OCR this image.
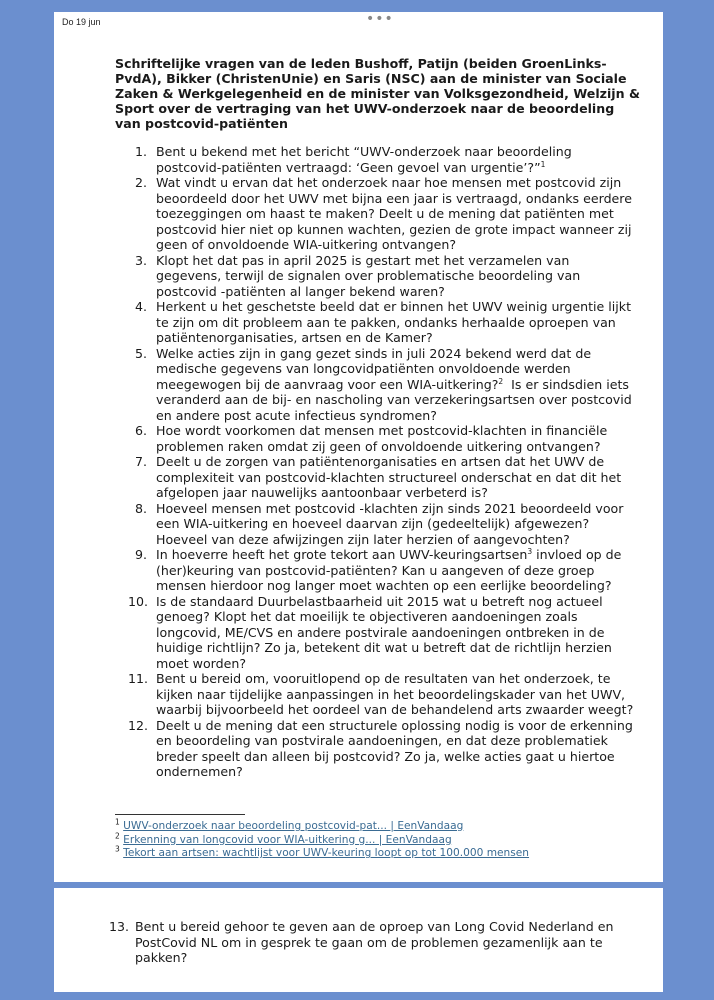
Do 19 jun	•••
Schriftelijke vragen van de leden Bushoff, Patijn (beiden GroenLinks-PvdA), Bikker (ChristenUnie) en Saris (NSC) aan de minister van Sociale Zaken & Werkgelegenheid en de minister van Volksgezondheid, Welzijn & Sport over de vertraging van het UWV-onderzoek naar de beoordeling van postcovid-patiënten
1. Bent u bekend met het bericht “UWV-onderzoek naar beoordeling postcovid-patiënten vertraagd: ‘Geen gevoel van urgentie’?”$^1$
2. Wat vindt u ervan dat het onderzoek naar hoe mensen met postcovid zijn beoordeeld door het UWV met bijna een jaar is vertraagd, ondanks eerdere toezeggingen om haast te maken? Deelt u de mening dat patiënten met postcovid hier niet op kunnen wachten, gezien de grote impact wanneer zij geen of onvoldoende WIA-uitkering ontvangen?
3. Klopt het dat pas in april 2025 is gestart met het verzamelen van gegevens, terwijl de signalen over problematische beoordeling van postcovid -patiënten al langer bekend waren?
4. Herkent u het geschetste beeld dat er binnen het UWV weinig urgentie lijkt te zijn om dit probleem aan te pakken, ondanks herhaalde oproepen van patiëntenorganisaties, artsen en de Kamer?
5. Welke acties zijn in gang gezet sinds in juli 2024 bekend werd dat de medische gegevens van longcovidpatiënten onvoldoende werden meegewogen bij de aanvraag voor een WIA-uitkering?$^2$  Is er sindsdien iets veranderd aan de bij- en nascholing van verzekeringsartsen over postcovid en andere post acute infectieus syndromen?
6. Hoe wordt voorkomen dat mensen met postcovid-klachten in financiële problemen raken omdat zij geen of onvoldoende uitkering ontvangen?
7. Deelt u de zorgen van patiëntenorganisaties en artsen dat het UWV de complexiteit van postcovid-klachten structureel onderschat en dat dit het afgelopen jaar nauwelijks aantoonbaar verbeterd is?
8. Hoeveel mensen met postcovid -klachten zijn sinds 2021 beoordeeld voor een WIA-uitkering en hoeveel daarvan zijn (gedeeltelijk) afgewezen? Hoeveel van deze afwijzingen zijn later herzien of aangevochten?
9. In hoeverre heeft het grote tekort aan UWV-keuringsartsen$^3$ invloed op de (her)keuring van postcovid-patiënten? Kan u aangeven of deze groep mensen hierdoor nog langer moet wachten op een eerlijke beoordeling?
10. Is de standaard Duurbelastbaarheid uit 2015 wat u betreft nog actueel genoeg? Klopt het dat moeilijk te objectiveren aandoeningen zoals longcovid, ME/CVS en andere postvirale aandoeningen ontbreken in de huidige richtlijn? Zo ja, betekent dit wat u betreft dat de richtlijn herzien moet worden?
11. Bent u bereid om, vooruitlopend op de resultaten van het onderzoek, te kijken naar tijdelijke aanpassingen in het beoordelingskader van het UWV, waarbij bijvoorbeeld het oordeel van de behandelend arts zwaarder weegt?
12. Deelt u de mening dat een structurele oplossing nodig is voor de erkenning en beoordeling van postvirale aandoeningen, en dat deze problematiek breder speelt dan alleen bij postcovid? Zo ja, welke acties gaat u hiertoe ondernemen?
$^1$ UWV-onderzoek naar beoordeling postcovid-pat... | EenVandaag
$^2$ Erkenning van longcovid voor WIA-uitkering g... | EenVandaag
$^3$ Tekort aan artsen: wachtlijst voor UWV-keuring loopt op tot 100.000 mensen
13. Bent u bereid gehoor te geven aan de oproep van Long Covid Nederland en PostCovid NL om in gesprek te gaan om de problemen gezamenlijk aan te pakken?
